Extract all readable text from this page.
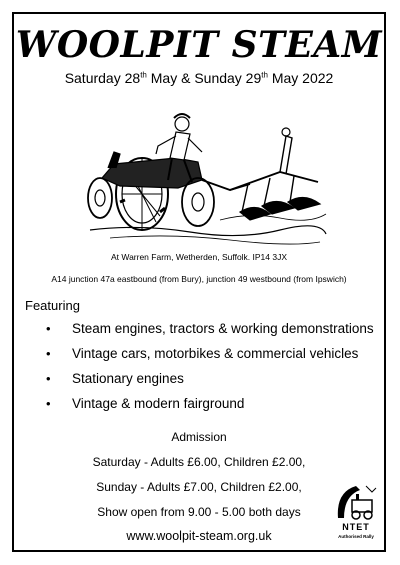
WOOLPIT STEAM
Saturday 28th May & Sunday 29th May 2022
At Warren Farm, Wetherden, Suffolk. IP14 3JX
A14 junction 47a eastbound (from Bury), junction 49 westbound (from Ipswich)
Featuring
• Steam engines, tractors & working demonstrations
• Vintage cars, motorbikes & commercial vehicles
• Stationary engines
• Vintage & modern fairground
Admission
Saturday - Adults £6.00, Children £2.00,
Sunday - Adults £7.00, Children £2.00,
Show open from 9.00 - 5.00 both days
www.woolpit-steam.org.uk
NTET
Authorised Rally
